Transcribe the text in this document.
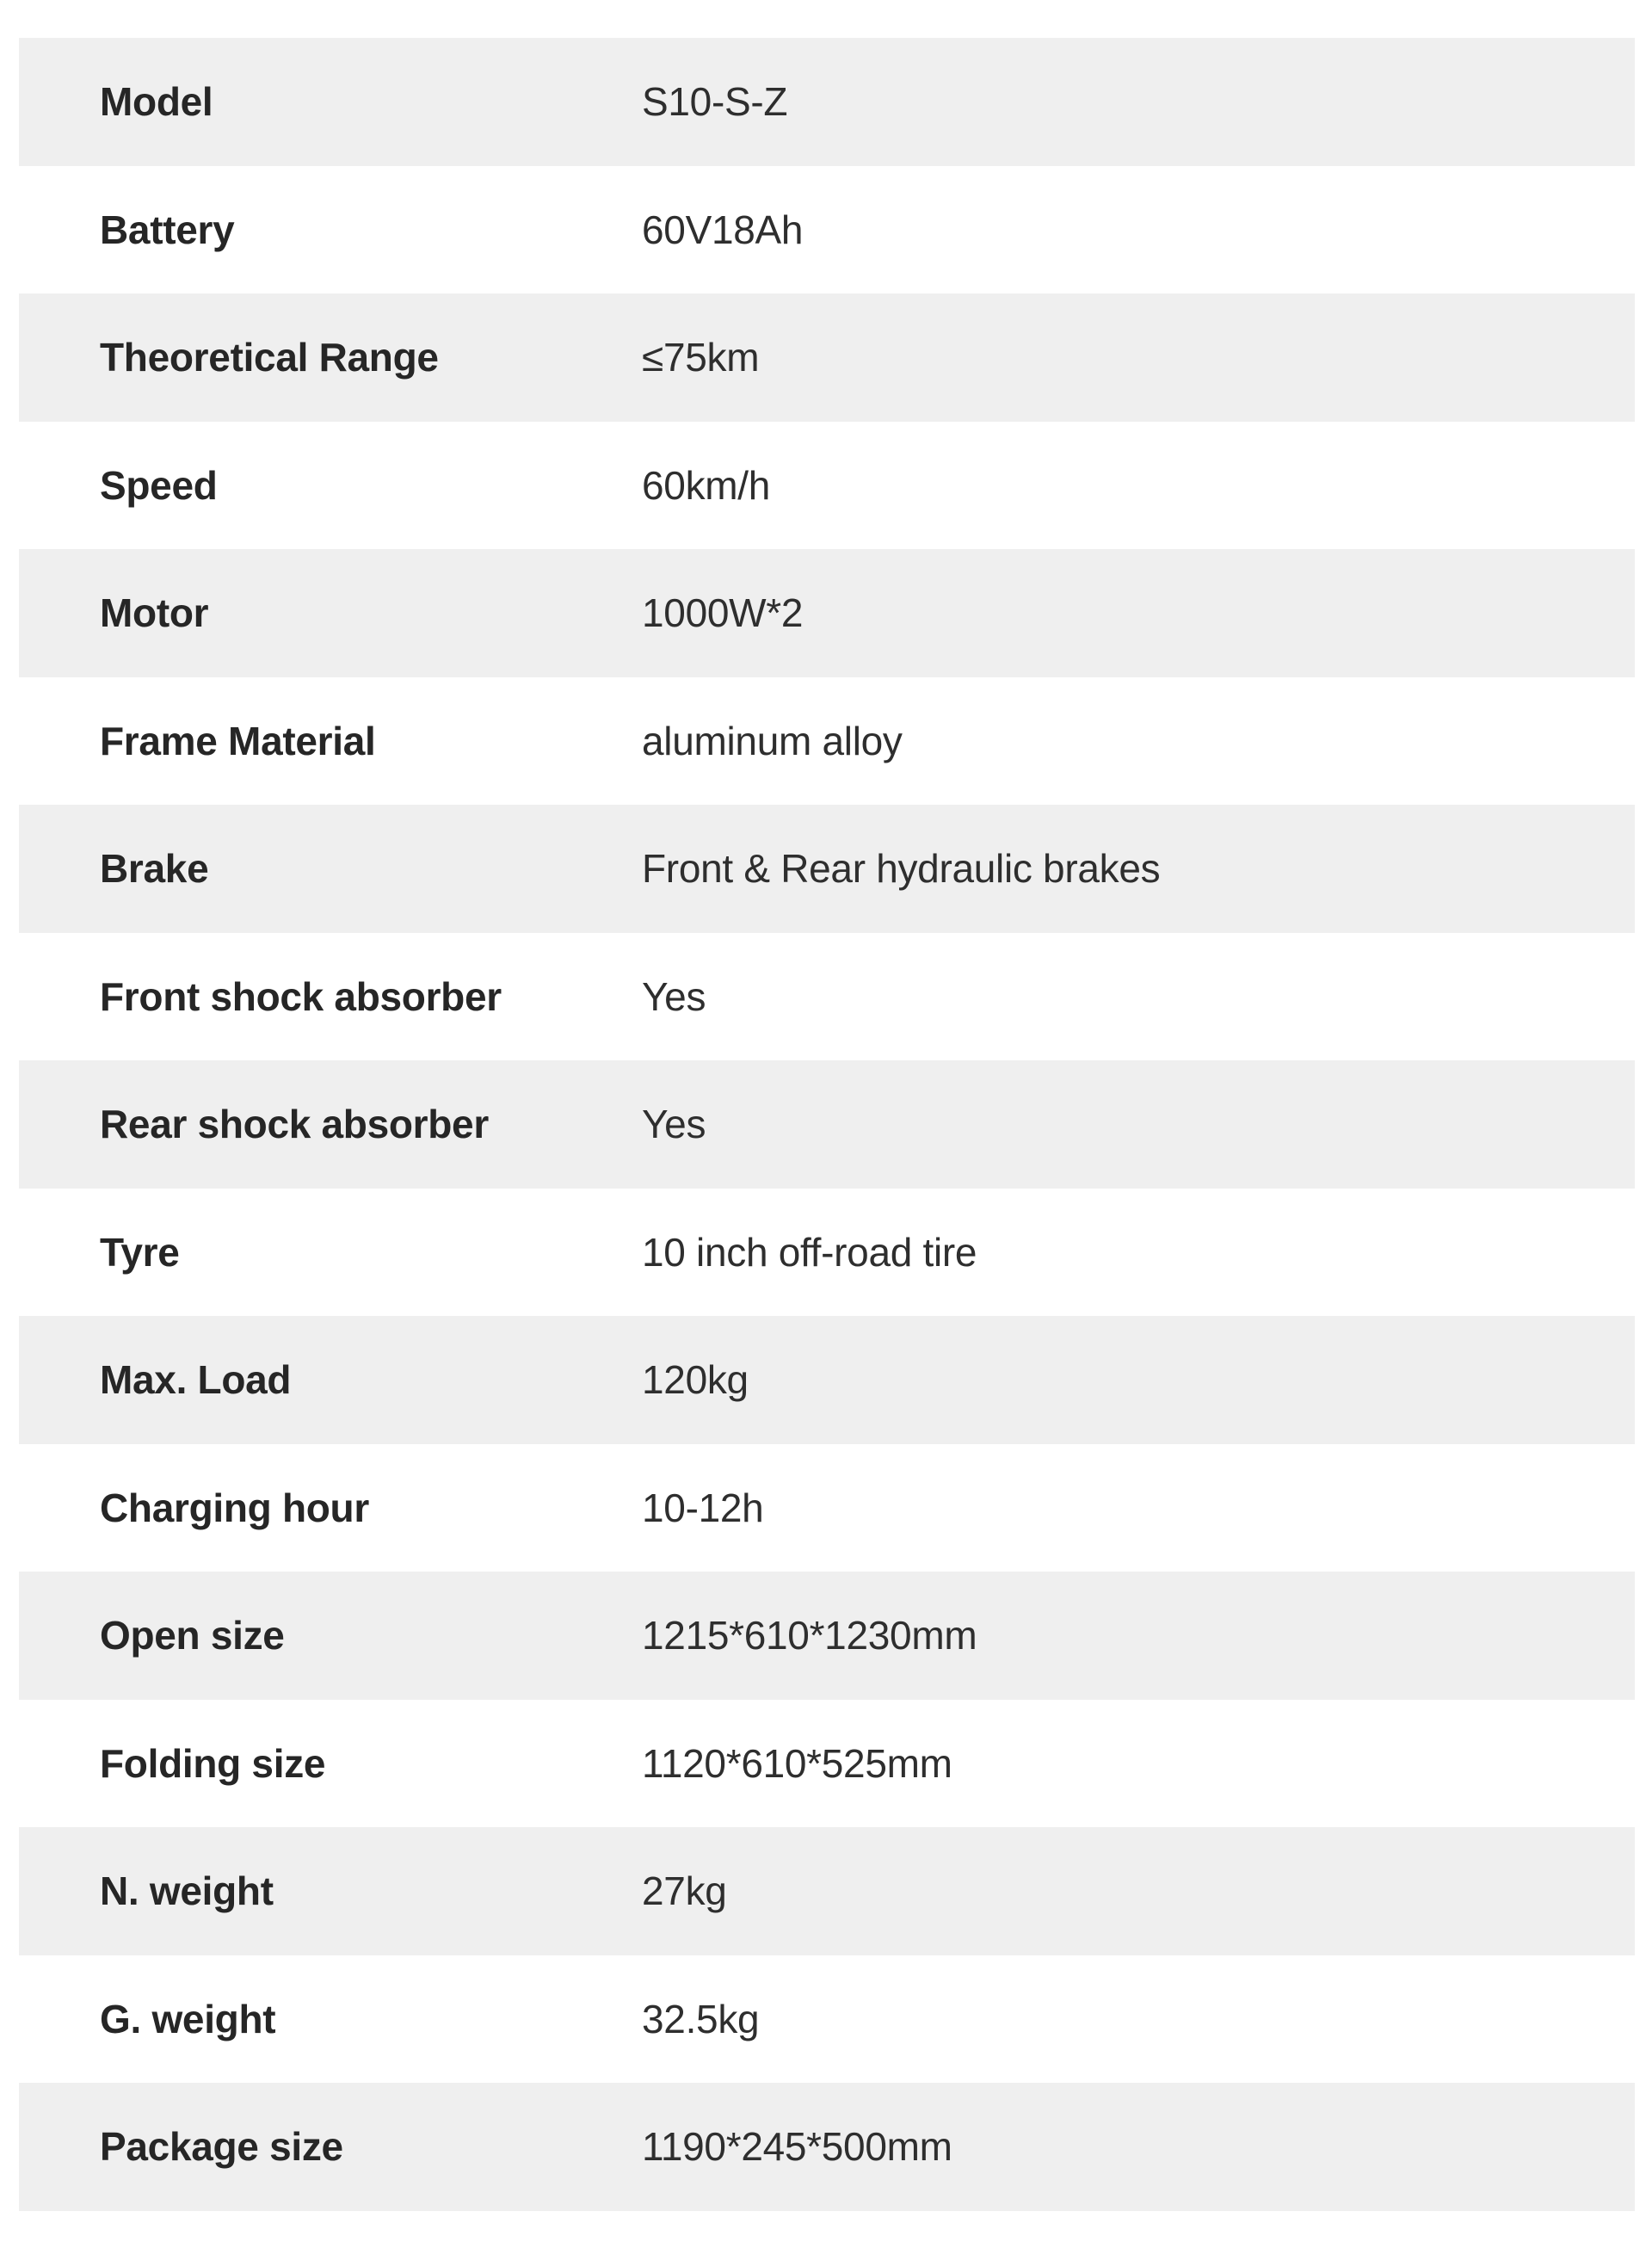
Model	S10-S-Z
Battery	60V18Ah
Theoretical Range	≤75km
Speed	60km/h
Motor	1000W*2
Frame Material	aluminum alloy
Brake	Front & Rear hydraulic brakes
Front shock absorber	Yes
Rear shock absorber	Yes
Tyre	10 inch off-road tire
Max. Load	120kg
Charging hour	10-12h
Open size	1215*610*1230mm
Folding size	1120*610*525mm
N. weight	27kg
G. weight	32.5kg
Package size	1190*245*500mm
